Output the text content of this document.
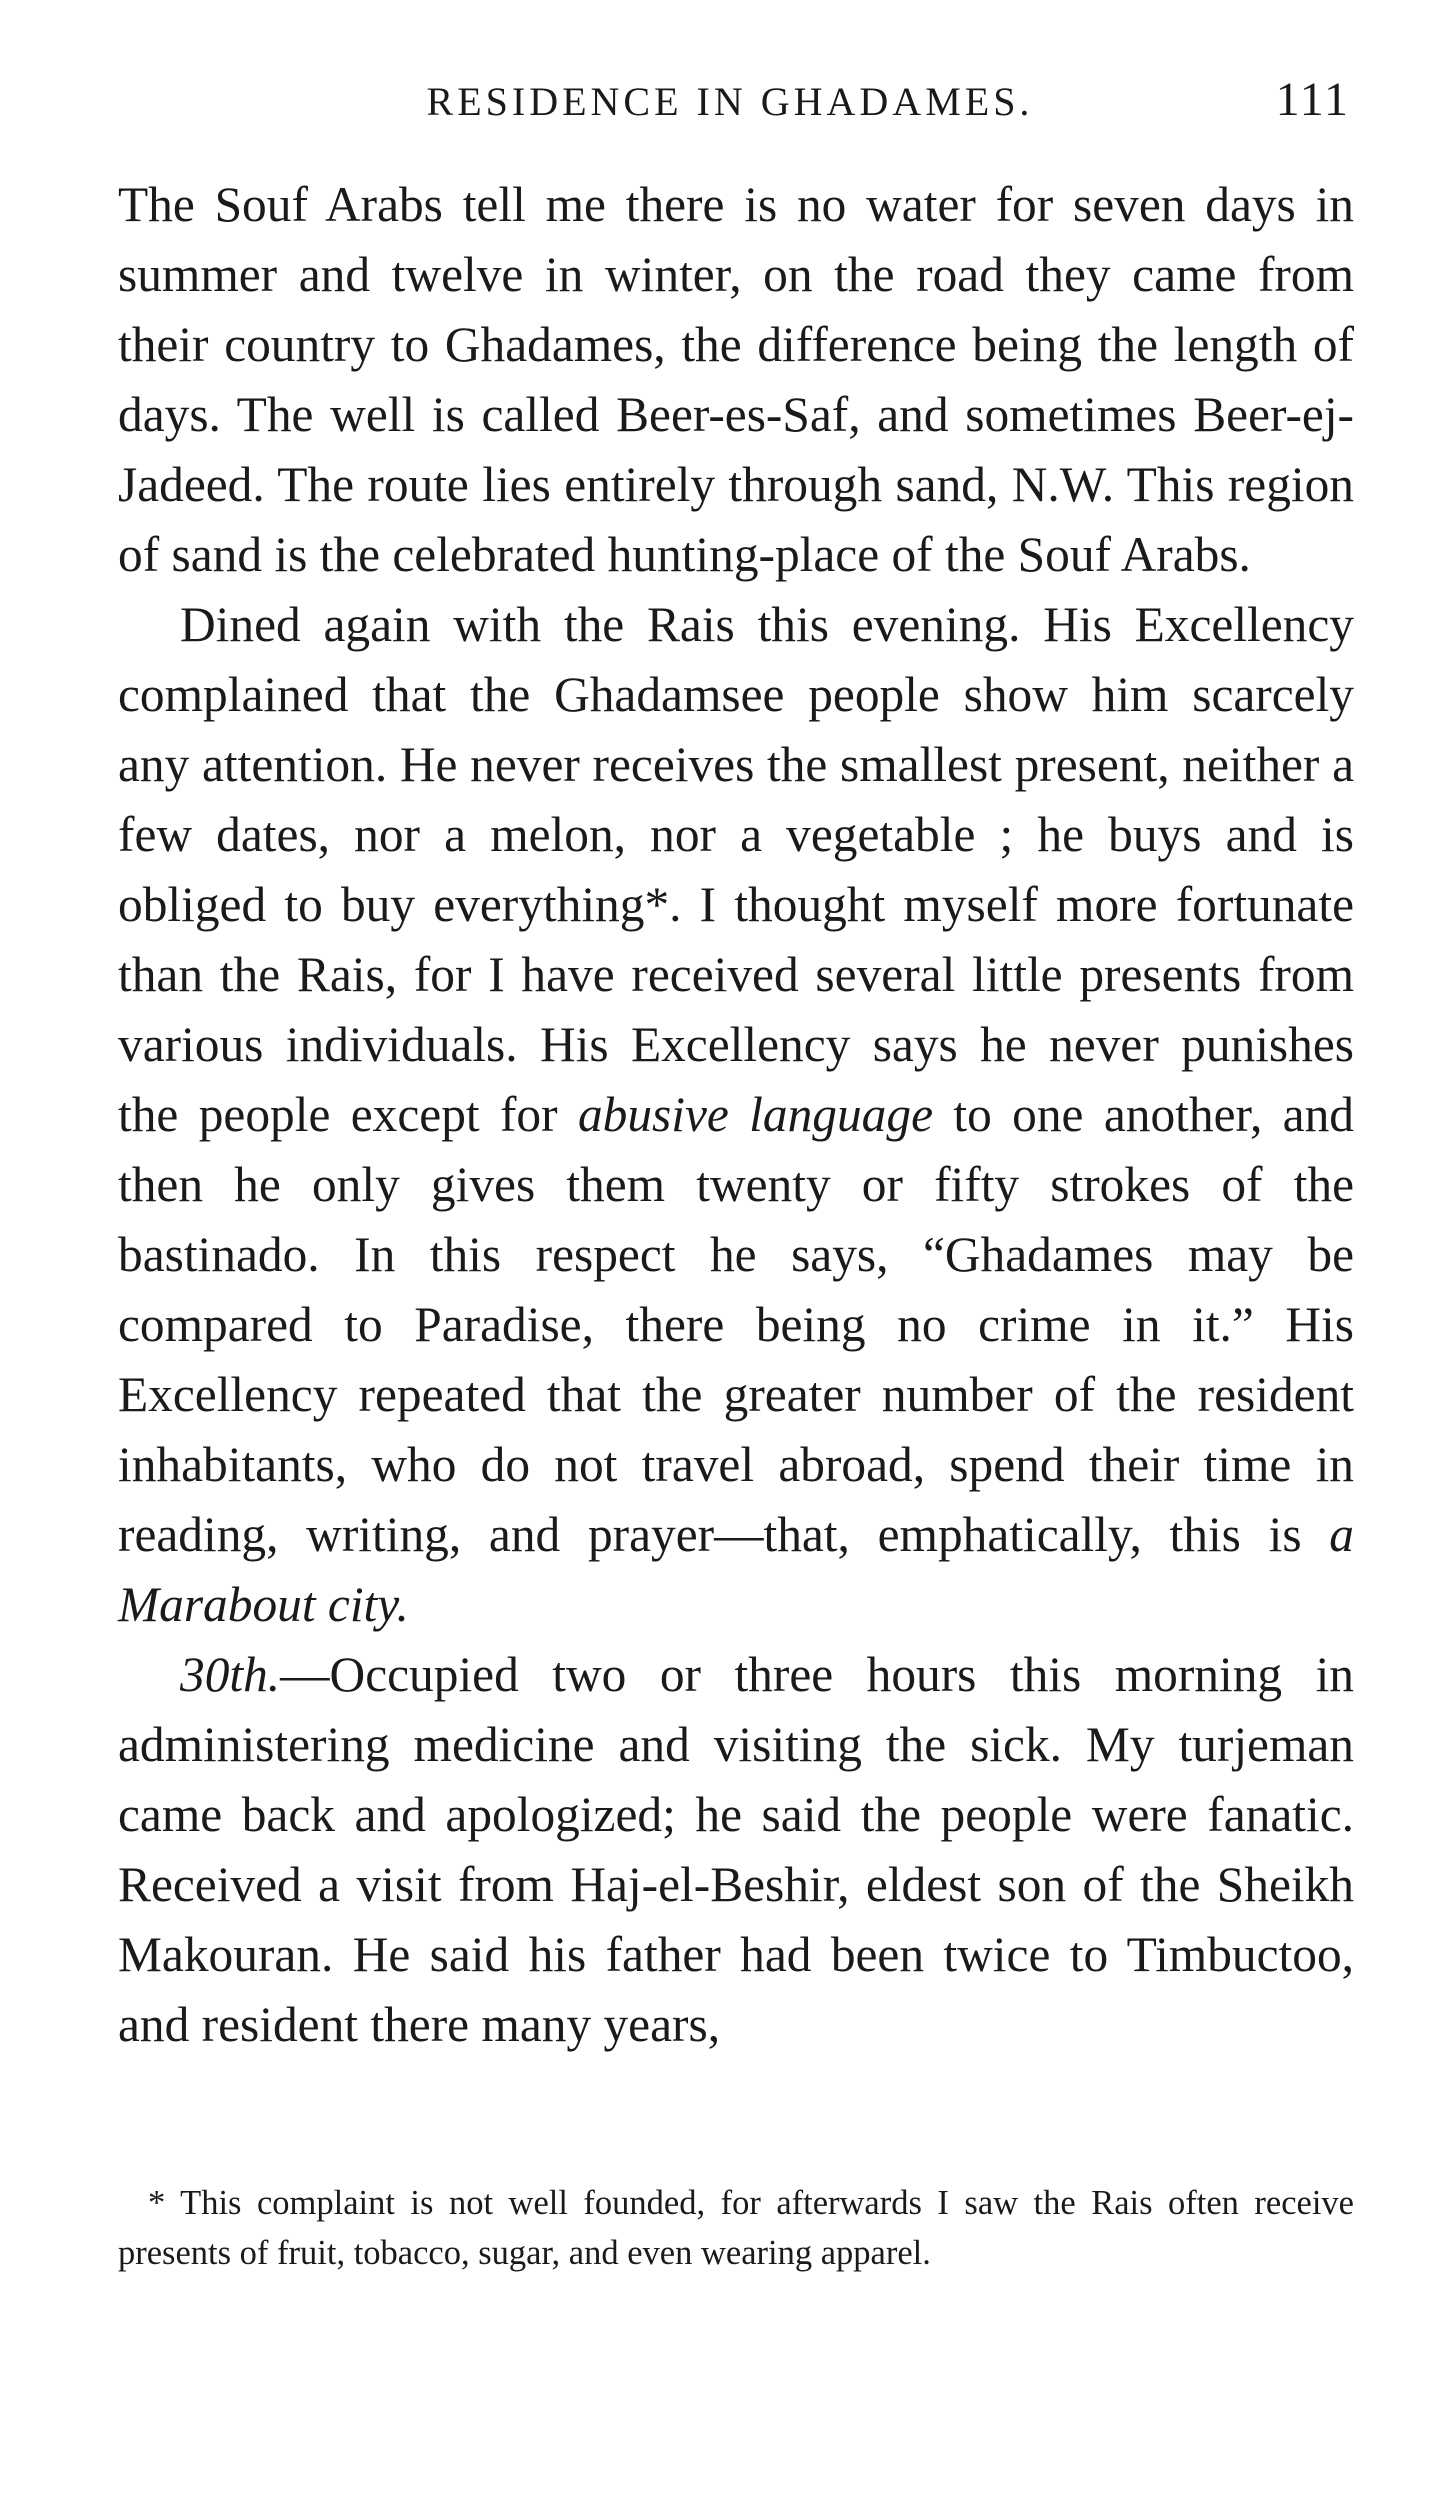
RESIDENCE IN GHADAMES.	111

The Souf Arabs tell me there is no water for seven days in summer and twelve in winter, on the road they came from their country to Ghadames, the difference being the length of days. The well is called Beer-es-Saf, and sometimes Beer-ej-Jadeed. The route lies entirely through sand, N.W. This region of sand is the celebrated hunting-place of the Souf Arabs.

Dined again with the Rais this evening. His Excellency complained that the Ghadamsee people show him scarcely any attention. He never receives the smallest present, neither a few dates, nor a melon, nor a vegetable ; he buys and is obliged to buy everything*. I thought myself more fortunate than the Rais, for I have received several little presents from various individuals. His Excellency says he never punishes the people except for abusive language to one another, and then he only gives them twenty or fifty strokes of the bastinado. In this respect he says, “Ghadames may be compared to Paradise, there being no crime in it.” His Excellency repeated that the greater number of the resident inhabitants, who do not travel abroad, spend their time in reading, writing, and prayer—that, emphatically, this is a Marabout city.

30th.—Occupied two or three hours this morning in administering medicine and visiting the sick. My turjeman came back and apologized; he said the people were fanatic. Received a visit from Haj-el-Beshir, eldest son of the Sheikh Makouran. He said his father had been twice to Timbuctoo, and resident there many years,

* This complaint is not well founded, for afterwards I saw the Rais often receive presents of fruit, tobacco, sugar, and even wearing apparel.
